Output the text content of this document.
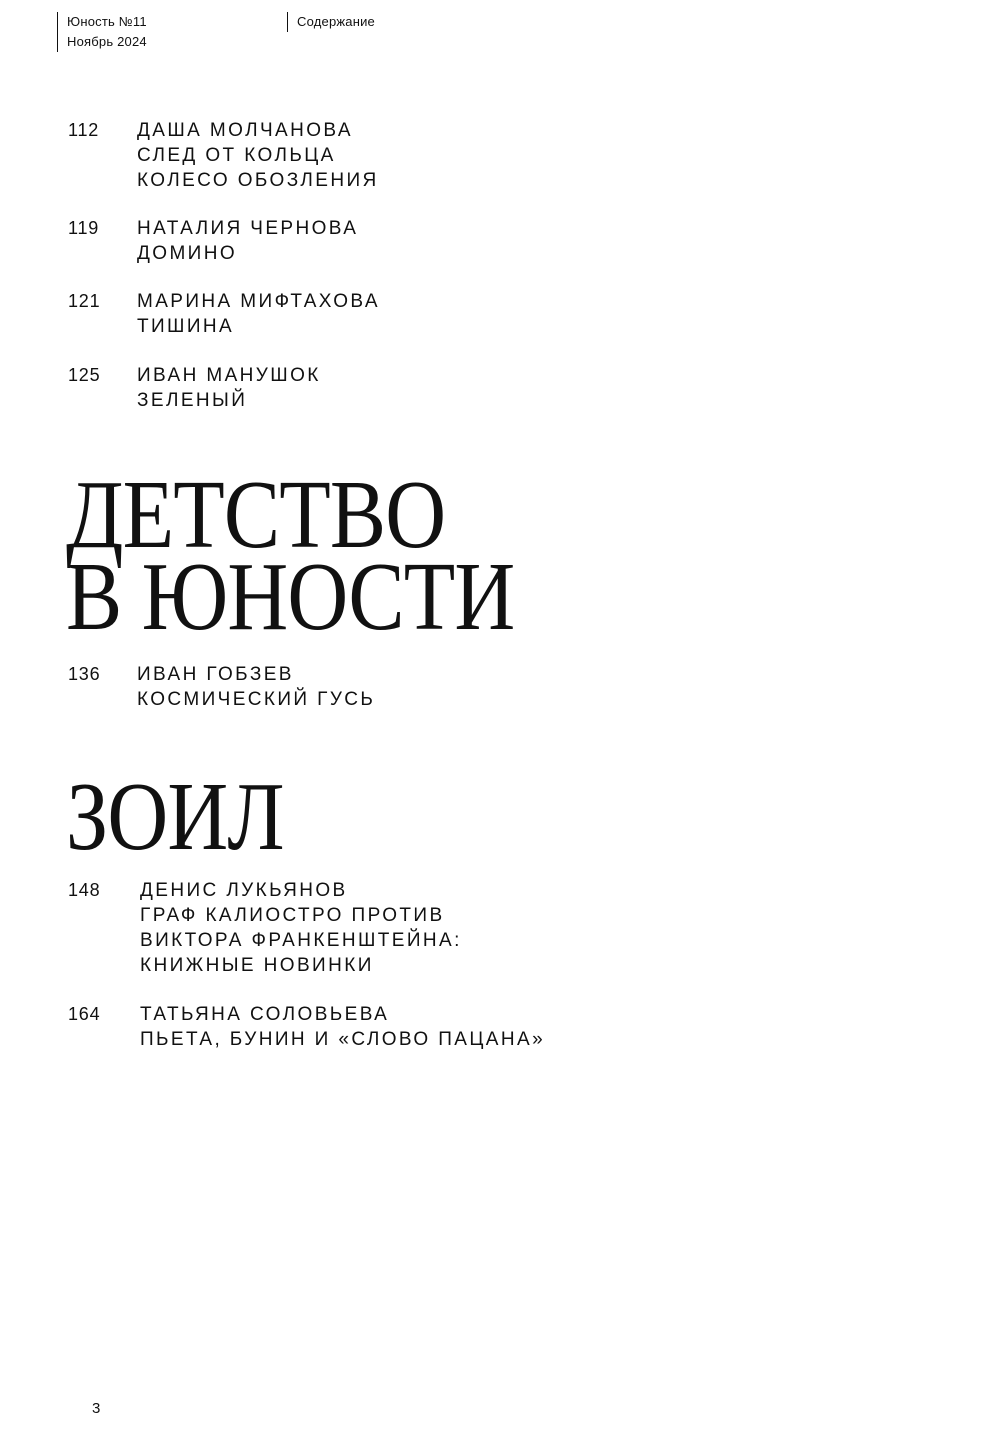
Юность №11
Ноябрь 2024
Содержание
112 ДАША МОЛЧАНОВА
СЛЕД ОТ КОЛЬЦА
КОЛЕСО ОБОЗЛЕНИЯ
119 НАТАЛИЯ ЧЕРНОВА
ДОМИНО
121 МАРИНА МИФТАХОВА
ТИШИНА
125 ИВАН МАНУШОК
ЗЕЛЕНЫЙ
ДЕТСТВО
В ЮНОСТИ
136 ИВАН ГОБЗЕВ
КОСМИЧЕСКИЙ ГУСЬ
ЗОИЛ
148 ДЕНИС ЛУКЬЯНОВ
ГРАФ КАЛИОСТРО ПРОТИВ
ВИКТОРА ФРАНКЕНШТЕЙНА:
КНИЖНЫЕ НОВИНКИ
164 ТАТЬЯНА СОЛОВЬЕВА
ПЬЕТА, БУНИН И «СЛОВО ПАЦАНА»
3
